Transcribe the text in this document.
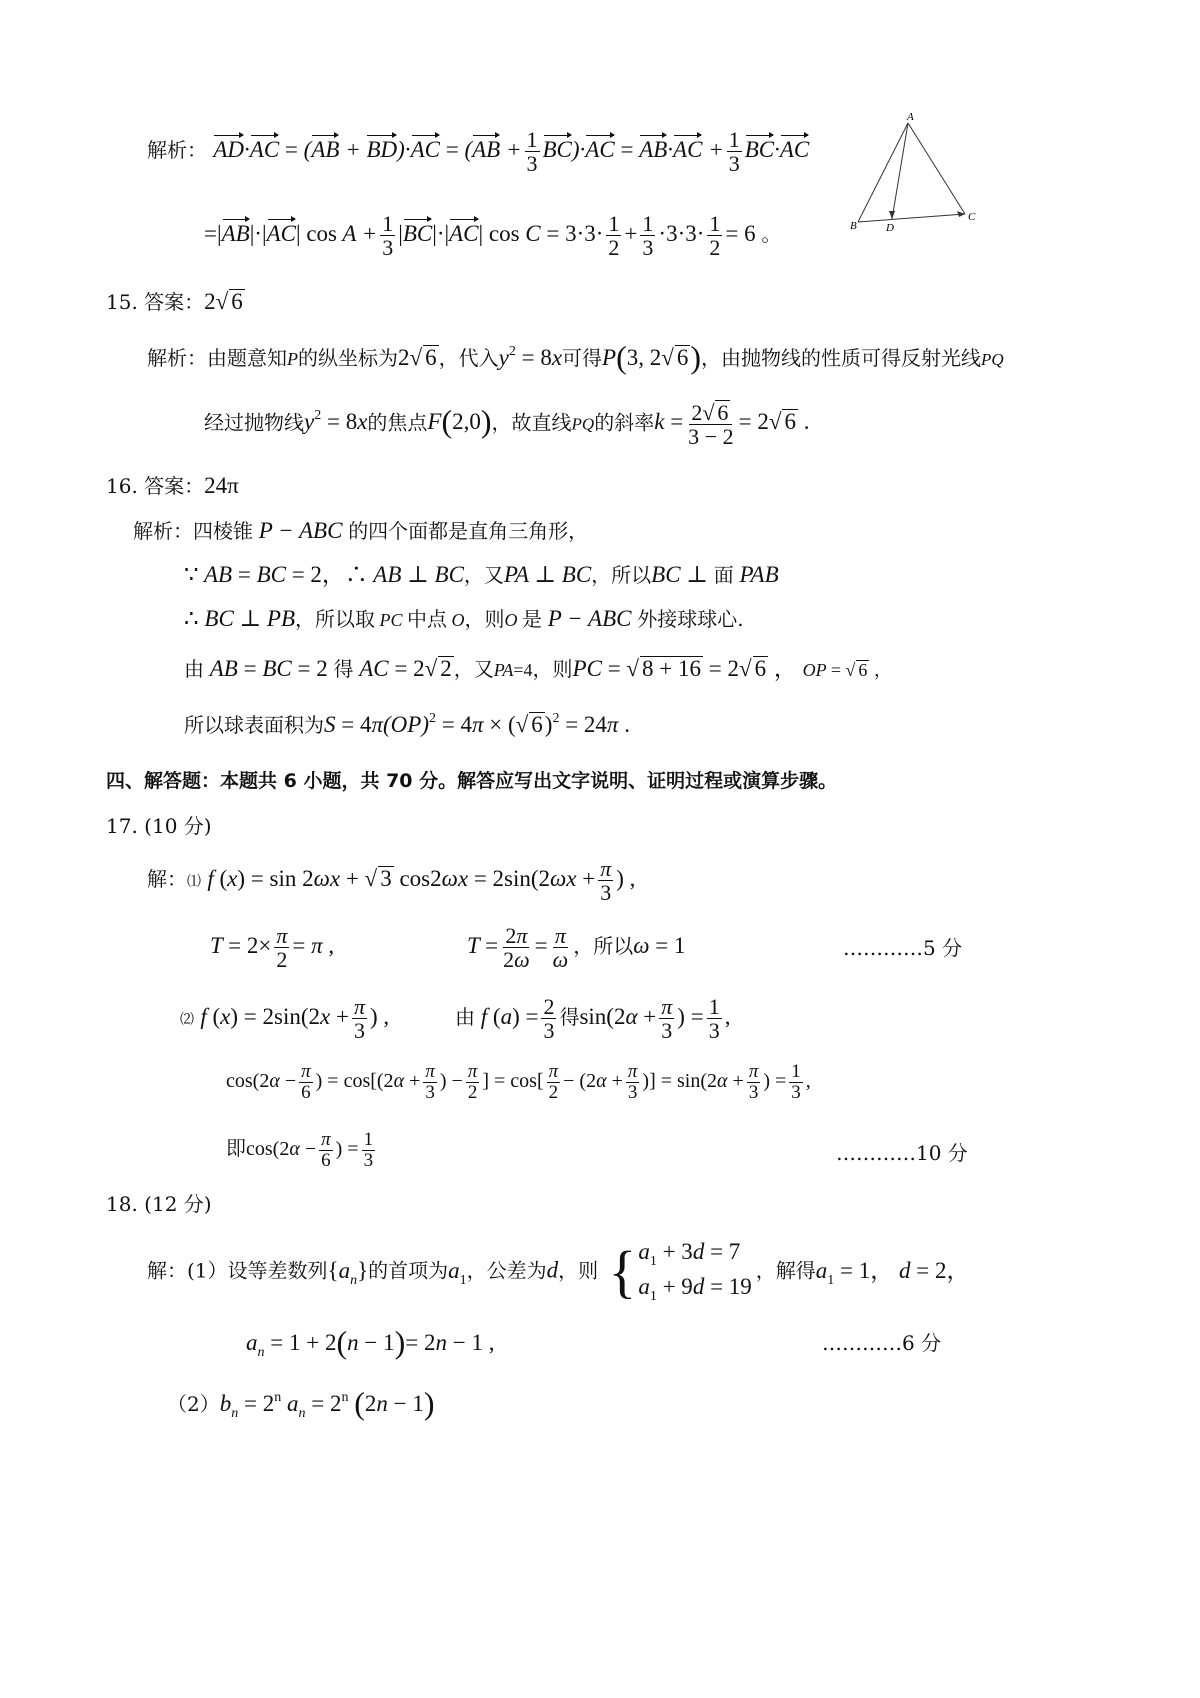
解析： $AD\cdot AC = (AB + BD)\cdot AC = (AB + \frac{1}{3} BC)\cdot AC = AB\cdot AC + \frac{1}{3} BC\cdot AC$
=|AB|·|AC| $\cos A + \frac{1}{3} |BC|\cdot|AC|$ $\cos C = 3\cdot 3\cdot \frac{1}{2} + \frac{1}{3} \cdot 3\cdot 3\cdot \frac{1}{2} = 6$ 。
A
B
C
D
15. 答案：2√ 6
解析：由题意知P的纵坐标为2√ 6 ，代入$y^2 = 8x$可得P(3, 2√ 6)，由抛物线的性质可得反射光线PQ
经过抛物线$y^2 = 8x$的焦点F(2,0)，故直线PQ的斜率$k = \frac{2√ 6}{3 - 2} = 2√$ 6 .
16. 答案：24π
解析：四棱锥 P − ABC 的四个面都是直角三角形，
∵ AB = BC = 2，∴ AB ⊥ BC，又PA ⊥ BC，所以BC ⊥ 面 PAB
∴ BC ⊥ PB，所以取 PC 中点 O，则O 是 P − ABC 外接球球心.
由 AB = BC = 2 得 AC = 2√ 2 ，又PA=4，则PC = √ 8 + 16 = 2√ 6 ， OP = √ 6 ，
所以球表面积为S = 4π(OP)$^2$ = 4π × (√ 6)$^2$ = 24π .
四、解答题：本题共 6 小题，共 70 分。解答应写出文字说明、证明过程或演算步骤。
17. (10 分)
解：⑴ f (x) = sin 2ωx + √ 3 $\cos 2\omega x = 2\sin(2\omega x + \frac{\pi}{3}$ ) ,
$T = 2\times \frac{\pi}{2} = \pi$ ,	$T = \frac{2\pi}{2\omega} = \frac{\pi}{\omega}$ ，所以ω = 1	…………5 分
⑵ f $(x) = 2\sin(2x + \frac{\pi}{3}$ ) ,	由 f $(a) = \frac{2}{3}$ 得$\sin(2\alpha + \frac{\pi}{3}$ ) = $\frac{1}{3}$ ,
$\cos(2\alpha - \frac{\pi}{6}$ ) = $\cos[(2\alpha + \frac{\pi}{3}$ ) − $\frac{\pi}{2}$ ] = $\cos[ \frac{\pi}{2} - (2\alpha + \frac{\pi}{3}$ )] = $\sin(2\alpha + \frac{\pi}{3}$ ) = $\frac{1}{3}$ ,
即$\cos(2\alpha - \frac{\pi}{6}$ ) = $\frac{1}{3}$	…………10 分
18. (12 分)
解：(1）设等差数列$\{a_n\}$的首项为$a_1$，公差为d，则 { $a_1 + 3d = 7$
$a_1 + 9d = 19$
，解得$a_1 = 1$， d = 2，
$a_n = 1 + 2(n - 1)= 2n - 1$ ,	…………6 分
$(2)b_n = 2^n$ $a_n = 2^n$ (2n − 1)
